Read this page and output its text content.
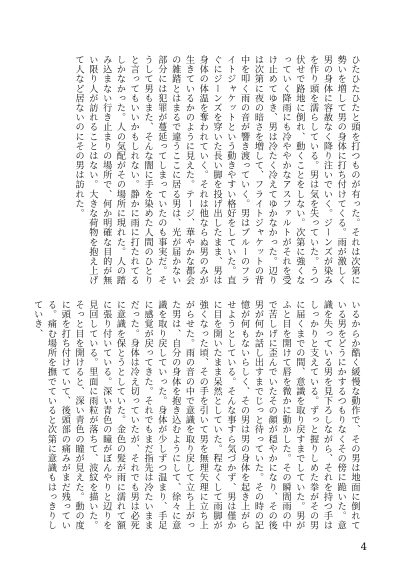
ひたひたひたと頭を打つものが有った。それは次第に勢いを増して男の身体に打ち付けてくる。雨が激しく男の身体に容赦なく降り注いでいく。ジーンズが染みを作り頭を濡らしている。男は気を失っていた。うつ伏せで路地に倒れ、動くことをしない。次第に強くなっていく降雨にも冷ややかなアスファルトがそれを受け止めてゆき、男は冷たく冷えてゆかなかった。辺りは次第に夜の暗さを増して、フライトジャケットの背中を叩く雨の音が響き渡っていく。男はブルーのフライトジャケットという動きやすい格好をしていた。直ぐにジーンズを穿いた長い脚を投げ出したまま、男は身体の体温を奪われていく。それは他ならぬ男のみが生きているかのように見えた。テージ、華やかな都会の雑踏とはまるで違うここに居る男は、光が届かない部分には犯罪が蔓延ってしまっていたのも事実だ。そうして男もまた、そんな闇に手を染めた人間のひとりと言ってもいいかもしれない。静かに雨に打たれてるしかなかった。人の気配がその場所に現れた。人の踏み込まない行き止まりの場所で、何か明確な目的が無い限り人が訪れることはない。大きな荷物を抱え上げて人など居ないのにその男は訪れた。
いるからか酷く緩慢な動作で、その男は地面に倒れている男をどうにかするつもりなくその傍に跪いた。意識を失っている男を見下ろしながら、それを持つ手はしっかりと支えている。ずっと握りしめた拳がその男に届くまでの間、意識を取り戻すまでしていた。男がふと目を開けて唇を微かに動かした。その瞬間雨の中で苦しげに歪んでいたその顔が穏やかになり、その後男が何か話し出すまでじっと待っていた。その時の記憶が何もないらしく、その男は男の身体を起き上がらせようとしている。そんな事すら気づかず、男は僅かに目を開いたまま呆然としていた。程なくして雨脚が強くなった頃、その手を引いて男を無理矢理に立ち上がらせた。雨の音の中で意識を取り戻して立ち上がった男は、自分の身体を抱き込むようにして、徐々に意識を取り戻していった。身体が少しずつ温まり、手足に感覚が戻ってきた。それでもまだ指先は冷たいままだった。身体は冷え切っていたが、それでも男は必死に意識を保とうとしていた。金色の髪が雨に濡れて額に張り付いている。深い青色の瞳がぼんやりと辺りを見回している。里面に雨粒が落ちて、波紋を描いた。そっと目を開けると、深い青色の瞳が見えた。動の度に頭を打ち付けていて、後頭部の痛みがまだ残っている。痛む場所を撫でていると次第に意識もはっきりしていき、
4
